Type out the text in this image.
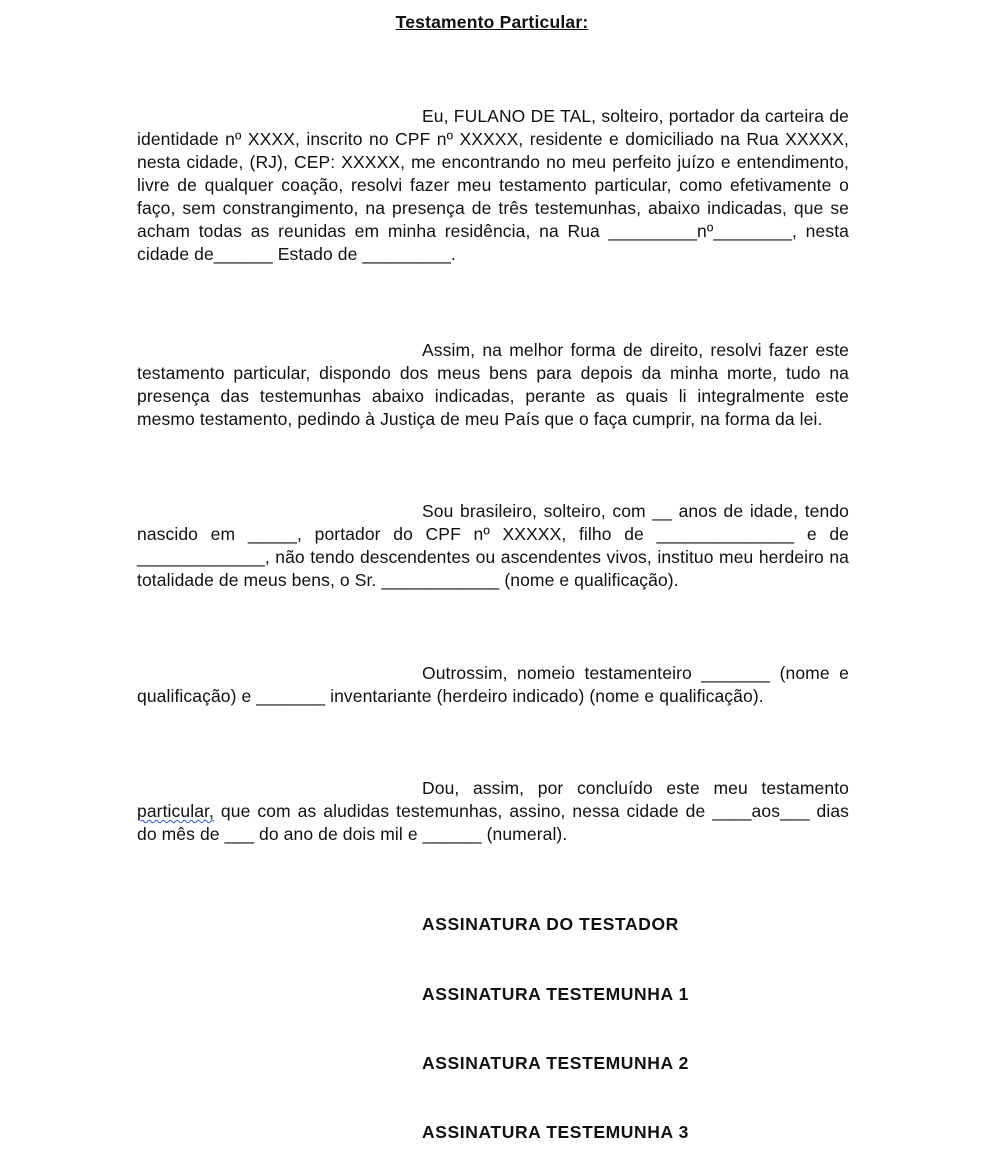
Testamento Particular:

Eu, FULANO DE TAL, solteiro, portador da carteira de identidade nº XXXX, inscrito no CPF nº XXXXX, residente e domiciliado na Rua XXXXX, nesta cidade, (RJ), CEP: XXXXX, me encontrando no meu perfeito juízo e entendimento, livre de qualquer coação, resolvi fazer meu testamento particular, como efetivamente o faço, sem constrangimento, na presença de três testemunhas, abaixo indicadas, que se acham todas as reunidas em minha residência, na Rua _________nº________, nesta cidade de______ Estado de _________.

Assim, na melhor forma de direito, resolvi fazer este testamento particular, dispondo dos meus bens para depois da minha morte, tudo na presença das testemunhas abaixo indicadas, perante as quais li integralmente este mesmo testamento, pedindo à Justiça de meu País que o faça cumprir, na forma da lei.

Sou brasileiro, solteiro, com __ anos de idade, tendo nascido em _____, portador do CPF nº XXXXX, filho de ______________ e de _____________, não tendo descendentes ou ascendentes vivos, instituo meu herdeiro na totalidade de meus bens, o Sr. ____________ (nome e qualificação).

Outrossim, nomeio testamenteiro _______ (nome e qualificação) e _______ inventariante (herdeiro indicado) (nome e qualificação).

Dou, assim, por concluído este meu testamento particular, que com as aludidas testemunhas, assino, nessa cidade de ____aos___ dias do mês de ___ do ano de dois mil e ______ (numeral).

ASSINATURA DO TESTADOR

ASSINATURA TESTEMUNHA 1

ASSINATURA TESTEMUNHA 2

ASSINATURA TESTEMUNHA 3
